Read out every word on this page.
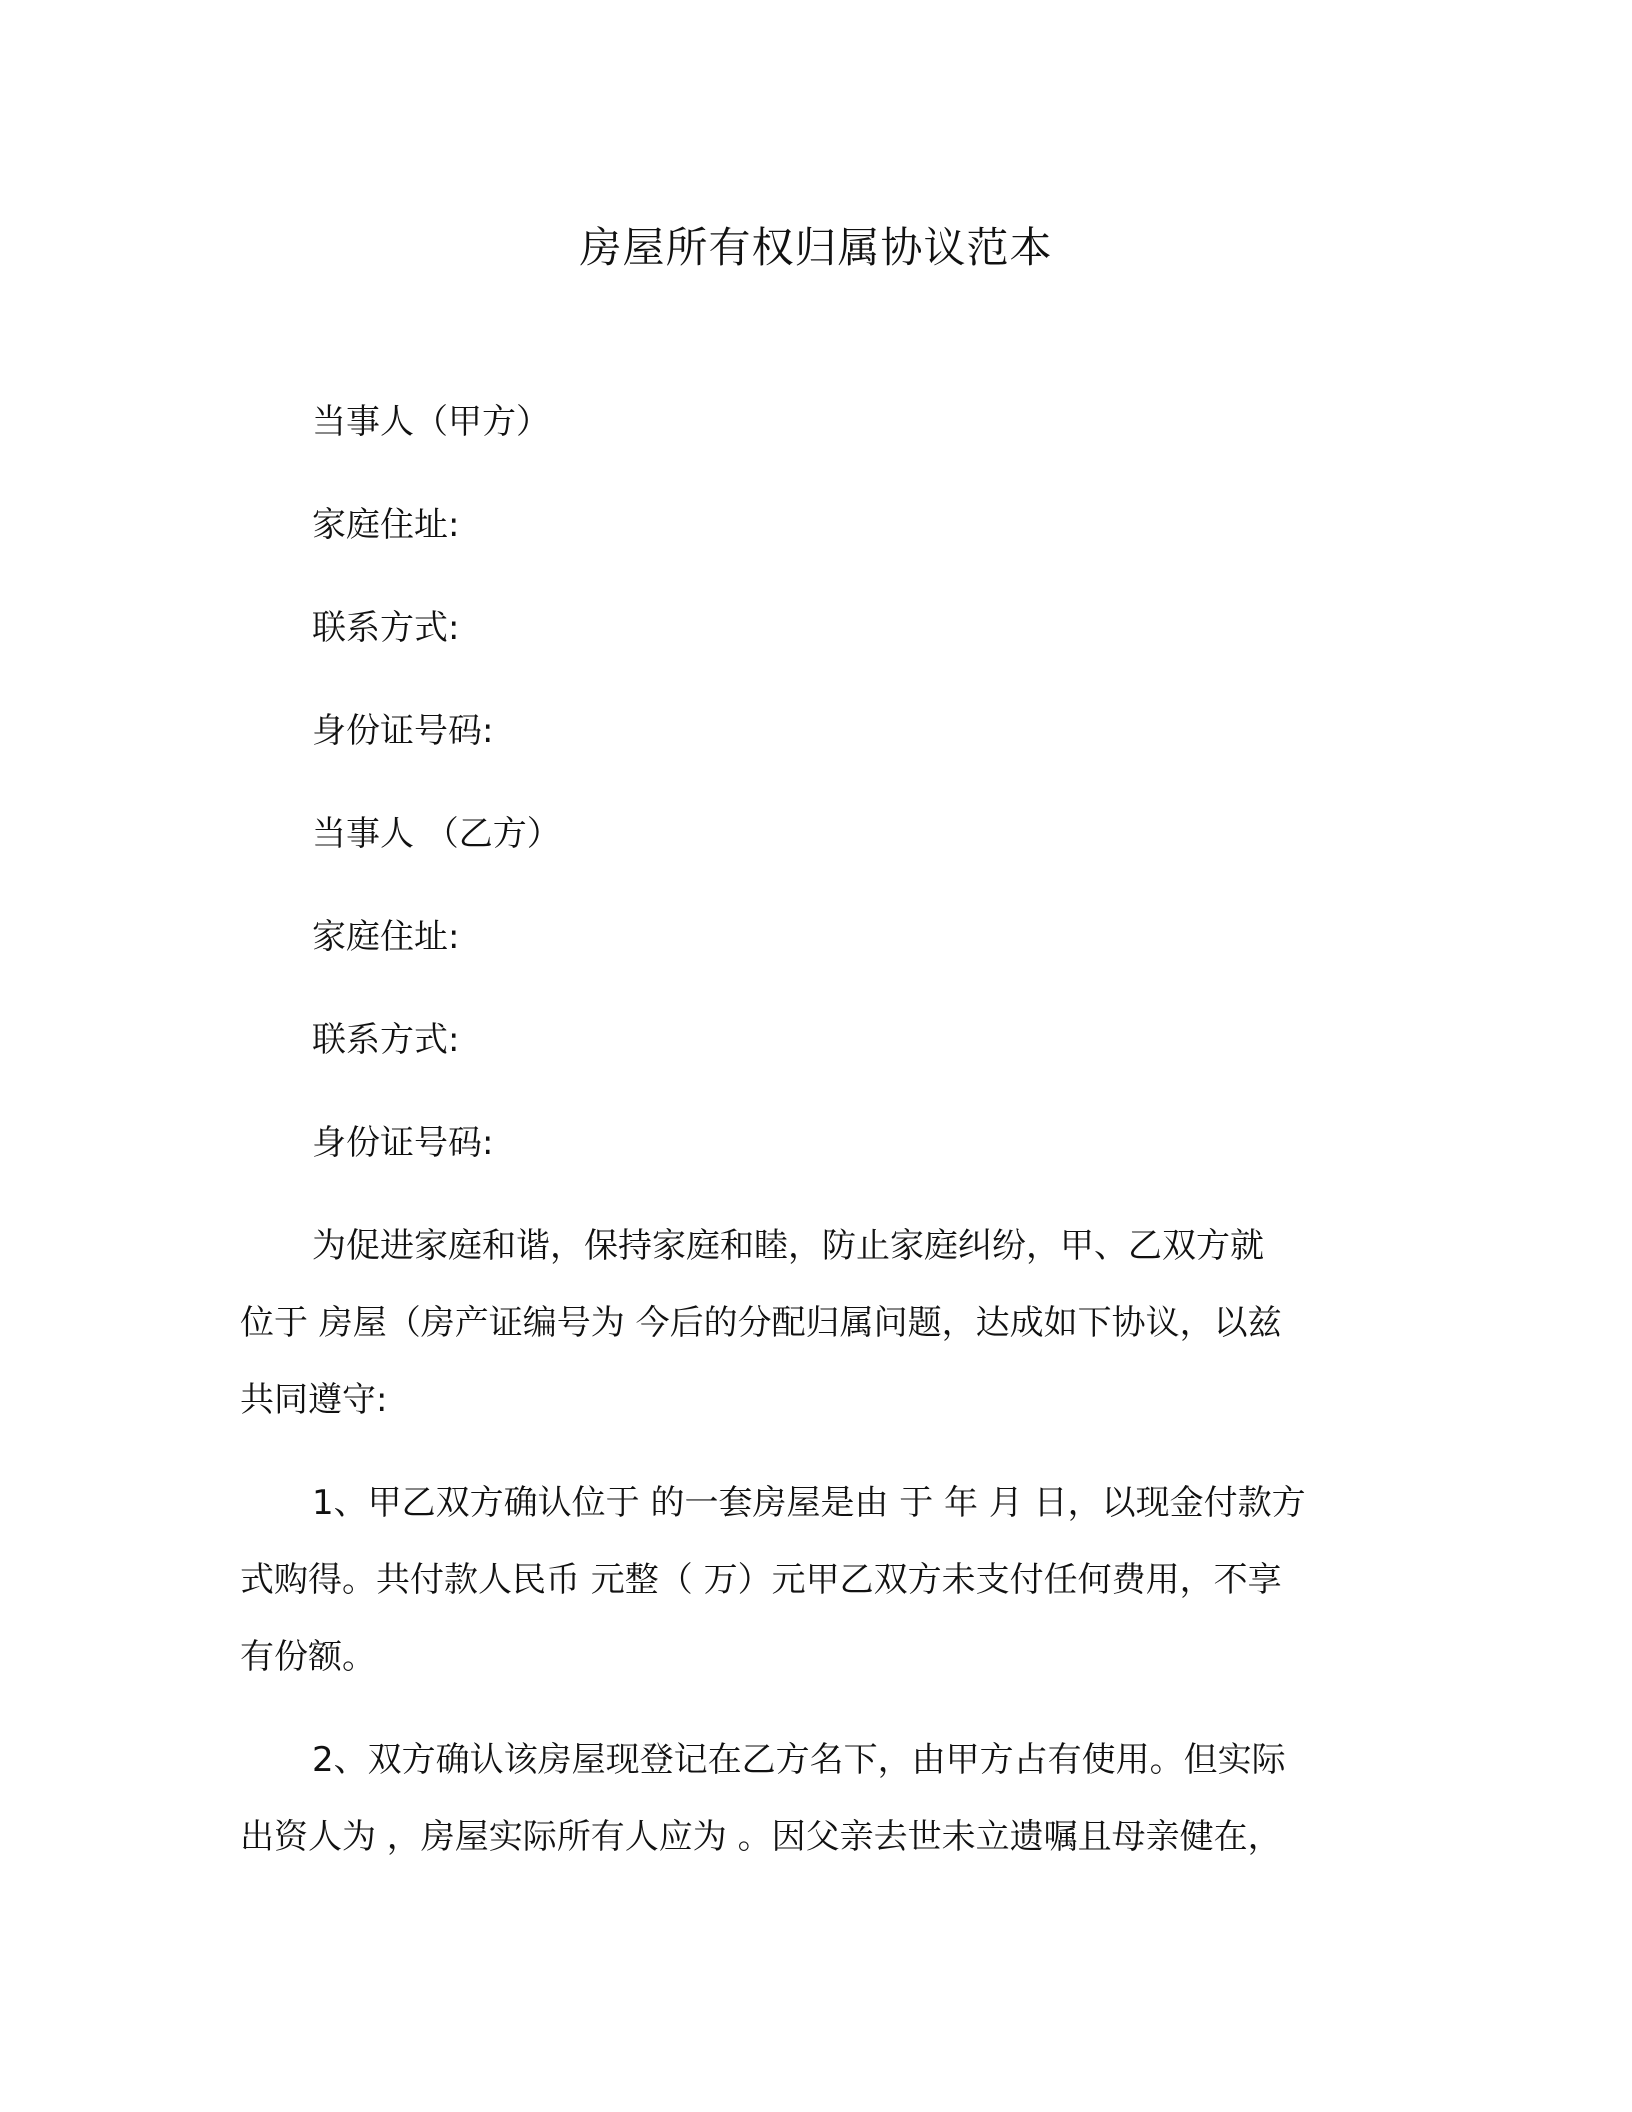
房屋所有权归属协议范本

当事人（甲方）

家庭住址:

联系方式:

身份证号码:

当事人 （乙方）

家庭住址:

联系方式:

身份证号码:

为促进家庭和谐，保持家庭和睦，防止家庭纠纷，甲、乙双方就
位于 房屋（房产证编号为 今后的分配归属问题，达成如下协议，以兹
共同遵守:
1、甲乙双方确认位于 的一套房屋是由 于 年 月 日，以现金付款方
式购得。共付款人民币 元整（ 万）元甲乙双方未支付任何费用，不享
有份额。
2、双方确认该房屋现登记在乙方名下，由甲方占有使用。但实际
出资人为 ，房屋实际所有人应为 。因父亲去世未立遗嘱且母亲健在，
